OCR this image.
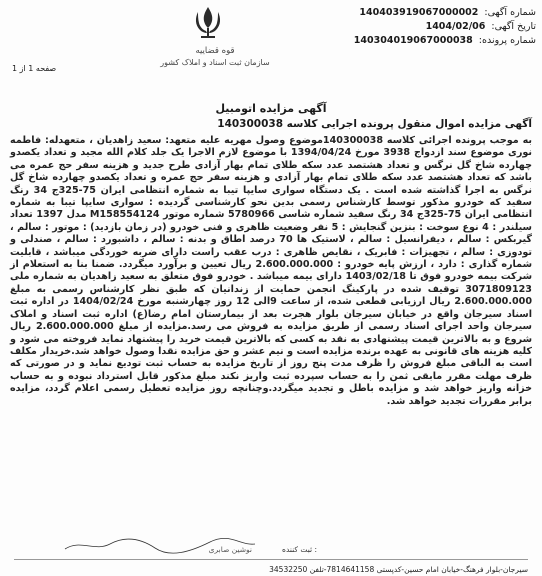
شماره آگهی:
140403919067000002
تاریخ آگهی:
1404/02/06
شماره پرونده:
140304019067000038
قوه قضاییه
سازمان ثبت اسناد و املاک کشور
صفحه 1 از 1
آگهی مزایده اتومبیل
آگهی مزایده اموال منقول پرونده اجرایی کلاسه 140300038
به موجب پرونده اجرائی کلاسه 140300038موضوع وصول مهریه علیه متعهد: سعید زاهدیان ، متعهدله: فاطمه نوری موضوع سند ازدواج 3938 مورخ 1394/04/24 با موضوع لازم الاجرا یک جلد کلام الله مجید و تعداد یکصدو چهارده شاخ گل نرگس و تعداد هشتصد عدد سکه طلای تمام بهار آزادی طرح جدید و هزینه سفر حج عمره می باشد که تعداد هشتصد عدد سکه طلای تمام بهار آزادی و هزینه سفر حج عمره و تعداد یکصدو چهارده شاخ گل نرگس به اجرا گذاشته شده است . یک دستگاه سواری سایپا تیبا به شماره انتظامی ایران 75-325ج 34 رنگ سفید که خودرو مذکور توسط کارشناس رسمی بدین نحو کارشناسی گردیده : سواری سایپا تیبا به شماره انتظامی ایران 75-325ج 34 رنگ سفید شماره شاسی 5780966 شماره موتور M158554124 مدل 1397 تعداد سیلندر : 4 نوع سوخت : بنزین گنجایش : 5 نفر وضعیت ظاهری و فنی خودرو (در زمان بازدید) : موتور : سالم ، گیربکس : سالم ، دیفرانسیل : سالم ، لاستیک ها 70 درصد اطاق و بدنه : سالم ، داشبورد : سالم ، صندلی و تودوزی : سالم ، تجهیزات : فابریک ، نقایص ظاهری : درب عقب راست دارای ضربه خوردگی میباشد ، قابلیت شماره گذاری : دارد ، ارزش پایه خودرو : 2.600.000.000 ریال تعیین و برآورد میگردد. ضمنا بنا به استعلام از شرکت بیمه خودرو فوق تا 1403/02/18 دارای بیمه میباشد . خودرو فوق متعلق به سعید زاهدیان به شماره ملی 3071809123 توقیف شده در پارکینگ انجمن حمایت از زندانیان که طبق نظر کارشناس رسمی به مبلغ 2.600.000.000 ریال ارزیابی قطعی شده، از ساعت 9الی 12 روز چهارشنبه مورخ 1404/02/24 در اداره ثبت اسناد سیرجان واقع در خیابان سیرجان بلوار هجرت بعد از بیمارستان امام رضا(ع) اداره ثبت اسناد و املاک سیرجان واحد اجرای اسناد رسمی از طریق مزایده به فروش می رسد.مزایده از مبلغ 2.600.000.000 ریال شروع و به بالاترین قیمت پیشنهادی به نقد به کسی که بالاترین قیمت خرید را پیشنهاد نماید فروخته می شود و کلیه هزینه های قانونی به عهده برنده مزایده است و نیم عشر و حق مزایده نقدا وصول خواهد شد.خریدار مکلف است به الباقی مبلغ فروش را ظرف مدت پنج روز از تاریخ مزایده به حساب ثبت تودیع نماید و در صورتی که ظرف مهلت مقرر مابقی ثمن را به حساب سپرده ثبت واریز نکند مبلغ مذکور قابل استرداد نبوده و به حساب خزانه واریز خواهد شد و مزایده باطل و تجدید میگردد.وچنانچه روز مزایده تعطیل رسمی اعلام گردد، مزایده برابر مقررات تجدید خواهد شد.
نوشین صابری	ثبت کننده :
سیرجان-بلوار فرهنگ-خیابان امام حسین-کدپستی 7814641158-تلفن 34532250
